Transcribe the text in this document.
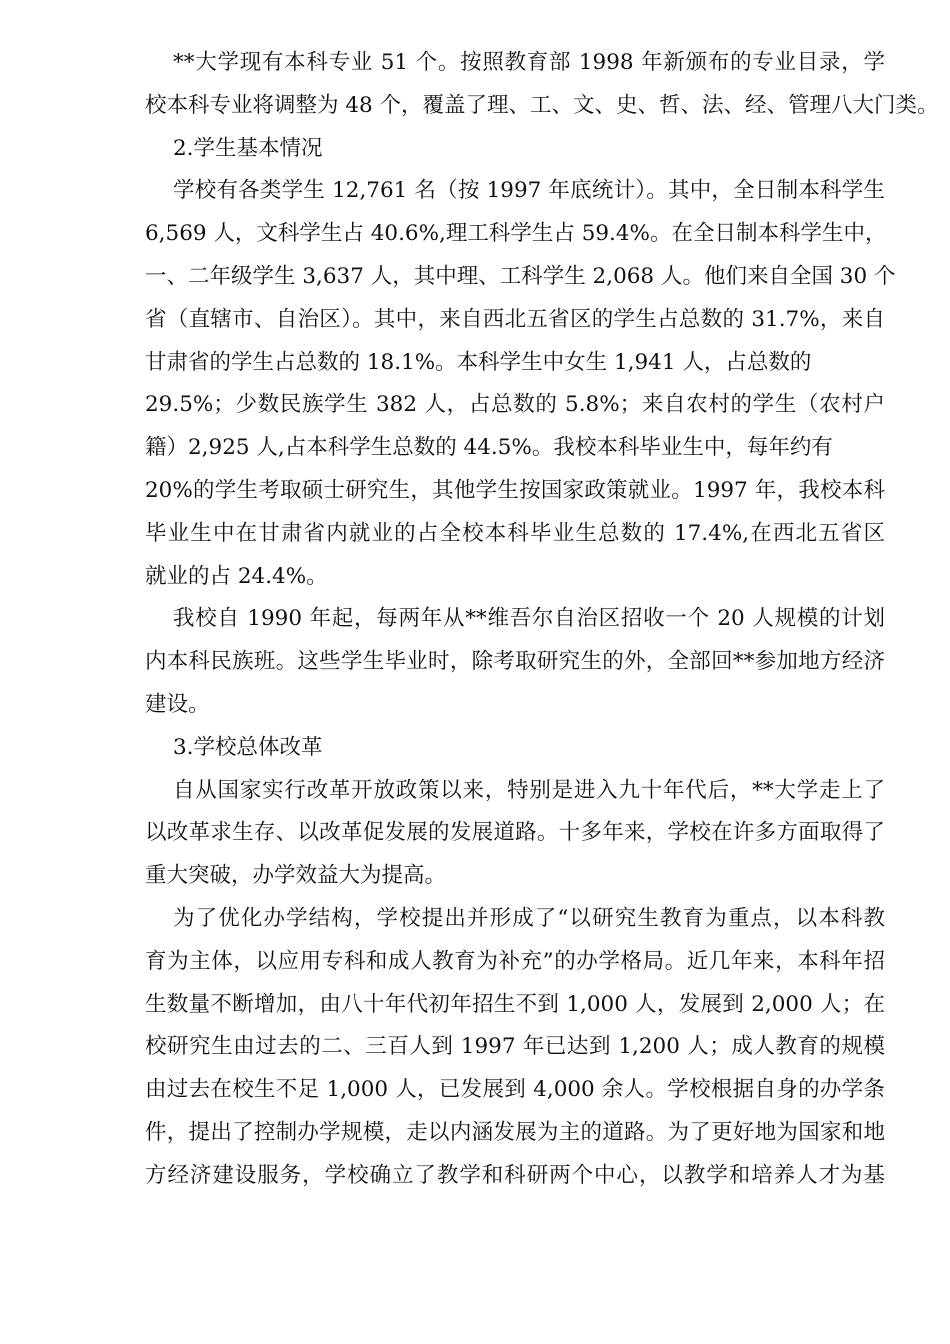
**大学现有本科专业 51 个。按照教育部 1998 年新颁布的专业目录，学
校本科专业将调整为 48 个，覆盖了理、工、文、史、哲、法、经、管理八大门类。
2.学生基本情况
学校有各类学生 12,761 名（按 1997 年底统计）。其中，全日制本科学生
6,569 人，文科学生占 40.6%,理工科学生占 59.4%。在全日制本科学生中，
一、二年级学生 3,637 人，其中理、工科学生 2,068 人。他们来自全国 30 个
省（直辖市、自治区）。其中，来自西北五省区的学生占总数的 31.7%，来自
甘肃省的学生占总数的 18.1%。本科学生中女生 1,941 人，占总数的
29.5%；少数民族学生 382 人，占总数的 5.8%；来自农村的学生（农村户
籍）2,925 人,占本科学生总数的 44.5%。我校本科毕业生中，每年约有
20%的学生考取硕士研究生，其他学生按国家政策就业。1997 年，我校本科
毕业生中在甘肃省内就业的占全校本科毕业生总数的 17.4%,在西北五省区
就业的占 24.4%。
我校自 1990 年起，每两年从**维吾尔自治区招收一个 20 人规模的计划
内本科民族班。这些学生毕业时，除考取研究生的外，全部回**参加地方经济
建设。
3.学校总体改革
自从国家实行改革开放政策以来，特别是进入九十年代后，**大学走上了
以改革求生存、以改革促发展的发展道路。十多年来，学校在许多方面取得了
重大突破，办学效益大为提高。
为了优化办学结构，学校提出并形成了“以研究生教育为重点，以本科教
育为主体，以应用专科和成人教育为补充”的办学格局。近几年来，本科年招
生数量不断增加，由八十年代初年招生不到 1,000 人，发展到 2,000 人；在
校研究生由过去的二、三百人到 1997 年已达到 1,200 人；成人教育的规模
由过去在校生不足 1,000 人，已发展到 4,000 余人。学校根据自身的办学条
件，提出了控制办学规模，走以内涵发展为主的道路。为了更好地为国家和地
方经济建设服务，学校确立了教学和科研两个中心，以教学和培养人才为基
